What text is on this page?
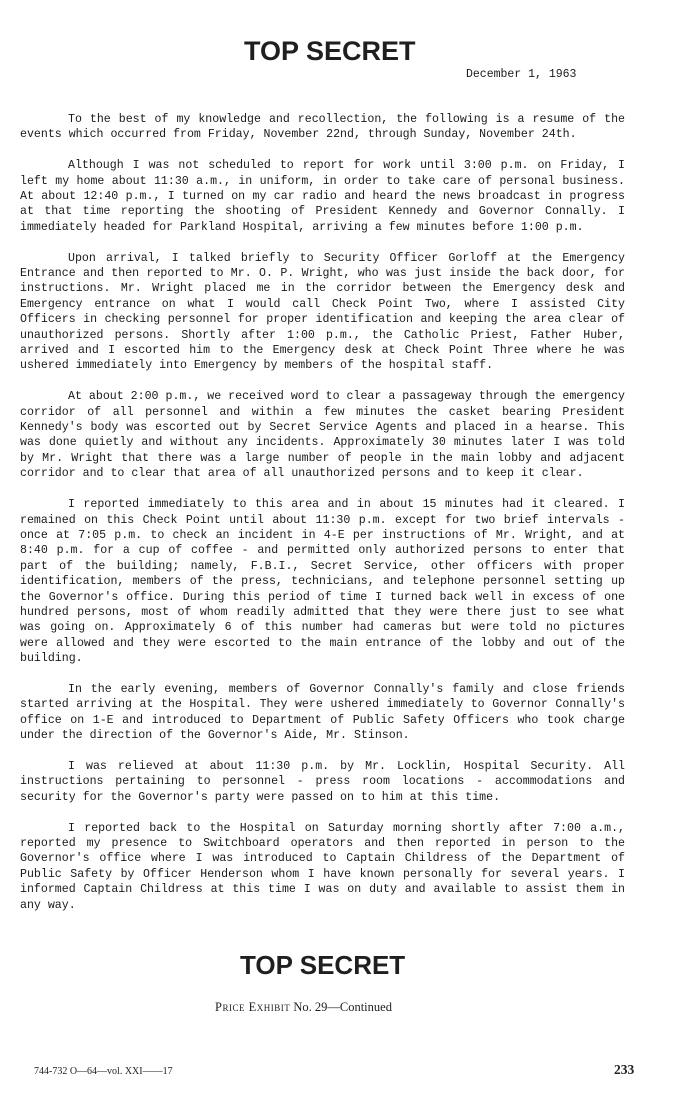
TOP SECRET
December 1, 1963

To the best of my knowledge and recollection, the following is a resume of the events which occurred from Friday, November 22nd, through Sunday, November 24th.

Although I was not scheduled to report for work until 3:00 p.m. on Friday, I left my home about 11:30 a.m., in uniform, in order to take care of personal business. At about 12:40 p.m., I turned on my car radio and heard the news broadcast in progress at that time reporting the shooting of President Kennedy and Governor Connally. I immediately headed for Parkland Hospital, arriving a few minutes before 1:00 p.m.

Upon arrival, I talked briefly to Security Officer Gorloff at the Emergency Entrance and then reported to Mr. O. P. Wright, who was just inside the back door, for instructions. Mr. Wright placed me in the corridor between the Emergency desk and Emergency entrance on what I would call Check Point Two, where I assisted City Officers in checking personnel for proper identification and keeping the area clear of unauthorized persons. Shortly after 1:00 p.m., the Catholic Priest, Father Huber, arrived and I escorted him to the Emergency desk at Check Point Three where he was ushered immediately into Emergency by members of the hospital staff.

At about 2:00 p.m., we received word to clear a passageway through the emergency corridor of all personnel and within a few minutes the casket bearing President Kennedy's body was escorted out by Secret Service Agents and placed in a hearse. This was done quietly and without any incidents. Approximately 30 minutes later I was told by Mr. Wright that there was a large number of people in the main lobby and adjacent corridor and to clear that area of all unauthorized persons and to keep it clear.

I reported immediately to this area and in about 15 minutes had it cleared. I remained on this Check Point until about 11:30 p.m. except for two brief intervals - once at 7:05 p.m. to check an incident in 4-E per instructions of Mr. Wright, and at 8:40 p.m. for a cup of coffee - and permitted only authorized persons to enter that part of the building; namely, F.B.I., Secret Service, other officers with proper identification, members of the press, technicians, and telephone personnel setting up the Governor's office. During this period of time I turned back well in excess of one hundred persons, most of whom readily admitted that they were there just to see what was going on. Approximately 6 of this number had cameras but were told no pictures were allowed and they were escorted to the main entrance of the lobby and out of the building.

In the early evening, members of Governor Connally's family and close friends started arriving at the Hospital. They were ushered immediately to Governor Connally's office on 1-E and introduced to Department of Public Safety Officers who took charge under the direction of the Governor's Aide, Mr. Stinson.

I was relieved at about 11:30 p.m. by Mr. Locklin, Hospital Security. All instructions pertaining to personnel - press room locations - accommodations and security for the Governor's party were passed on to him at this time.

I reported back to the Hospital on Saturday morning shortly after 7:00 a.m., reported my presence to Switchboard operators and then reported in person to the Governor's office where I was introduced to Captain Childress of the Department of Public Safety by Officer Henderson whom I have known personally for several years. I informed Captain Childress at this time I was on duty and available to assist them in any way.

TOP SECRET
Price Exhibit No. 29—Continued
744-732 O—64—vol. XXI——17	233
